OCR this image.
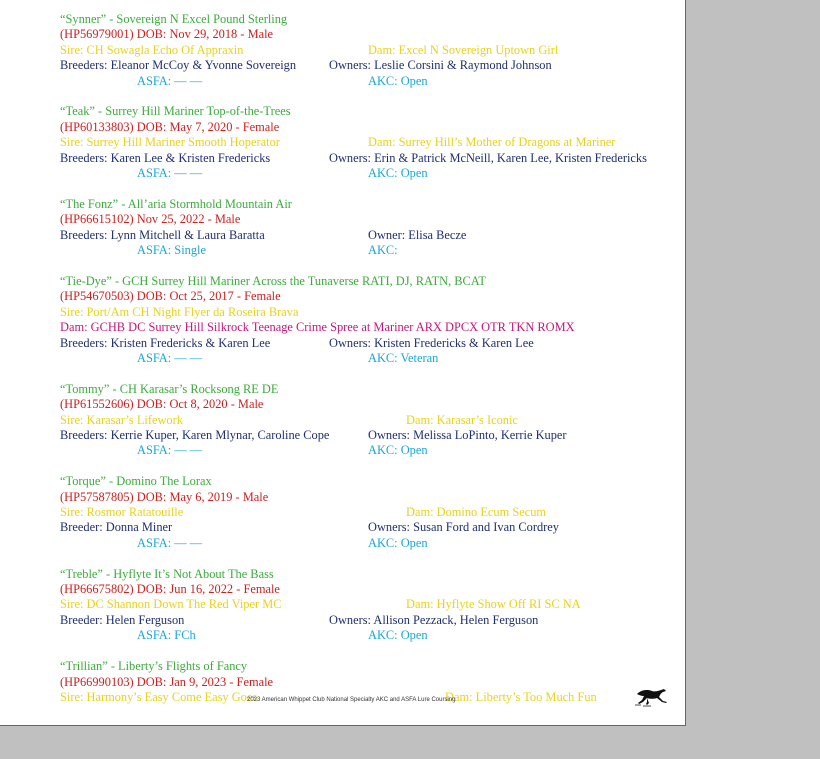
“Synner” - Sovereign N Excel Pound Sterling
(HP56979001) DOB: Nov 29, 2018 - Male
Sire: CH Sowagla Echo Of Appraxin	Dam: Excel N Sovereign Uptown Girl
Breeders: Eleanor McCoy & Yvonne Sovereign	Owners: Leslie Corsini & Raymond Johnson
ASFA: — —	AKC: Open
“Teak” - Surrey Hill Mariner Top-of-the-Trees
(HP60133803) DOB: May 7, 2020 - Female
Sire: Surrey Hill Mariner Smooth Hoperator	Dam: Surrey Hill’s Mother of Dragons at Mariner
Breeders: Karen Lee & Kristen Fredericks	Owners: Erin & Patrick McNeill, Karen Lee, Kristen Fredericks
ASFA: — —	AKC: Open
“The Fonz” - All’aria Stormhold Mountain Air
(HP66615102) Nov 25, 2022 - Male
Breeders: Lynn Mitchell & Laura Baratta	Owner: Elisa Becze
ASFA: Single	AKC:
“Tie-Dye” - GCH Surrey Hill Mariner Across the Tunaverse RATI, DJ, RATN, BCAT
(HP54670503) DOB: Oct 25, 2017 - Female
Sire: Port/Am CH Night Flyer da Roseira Brava
Dam: GCHB DC Surrey Hill Silkrock Teenage Crime Spree at Mariner ARX DPCX OTR TKN ROMX
Breeders: Kristen Fredericks & Karen Lee	Owners: Kristen Fredericks & Karen Lee
ASFA: — —	AKC: Veteran
“Tommy” - CH Karasar’s Rocksong RE DE
(HP61552606) DOB: Oct 8, 2020 - Male
Sire: Karasar’s Lifework	Dam: Karasar’s Iconic
Breeders: Kerrie Kuper, Karen Mlynar, Caroline Cope	Owners: Melissa LoPinto, Kerrie Kuper
ASFA: — —	AKC: Open
“Torque” - Domino The Lorax
(HP57587805) DOB: May 6, 2019 - Male
Sire: Rosmor Ratatouille	Dam: Domino Ecum Secum
Breeder: Donna Miner	Owners: Susan Ford and Ivan Cordrey
ASFA: — —	AKC: Open
“Treble” - Hyflyte It’s Not About The Bass
(HP66675802) DOB: Jun 16, 2022 - Female
Sire: DC Shannon Down The Red Viper MC	Dam: Hyflyte Show Off RI SC NA
Breeder: Helen Ferguson	Owners: Allison Pezzack, Helen Ferguson
ASFA: FCh	AKC: Open
“Trillian” - Liberty’s Flights of Fancy
(HP66990103) DOB: Jan 9, 2023 - Female
Sire: Harmony’s Easy Come Easy Goes	Dam: Liberty’s Too Much Fun
2023 American Whippet Club National Specialty AKC and ASFA Lure Coursing
